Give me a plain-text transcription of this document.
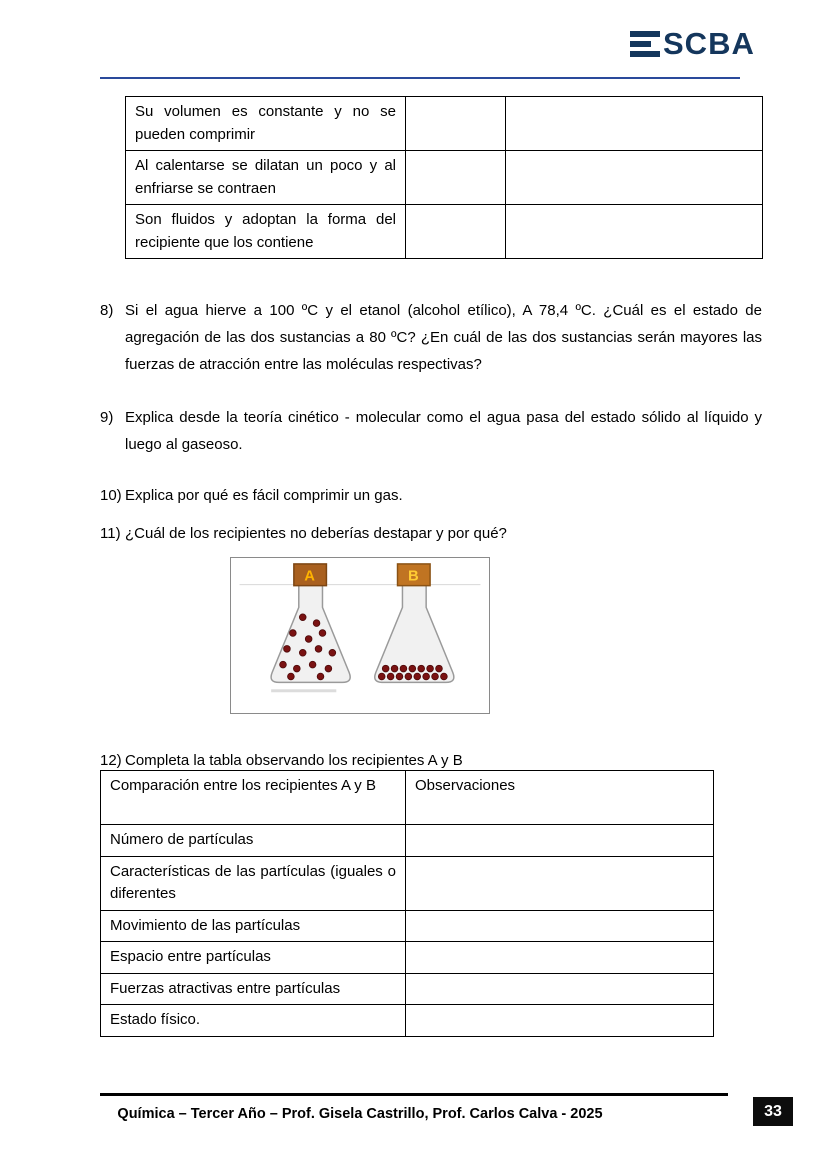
SCBA
Su volumen es constante y no se pueden comprimir		
Al calentarse se dilatan un poco y al enfriarse se contraen		
Son fluidos y adoptan la forma del recipiente que los contiene		
8) Si el agua hierve a 100 ºC y el etanol (alcohol etílico), A 78,4 ºC. ¿Cuál es el estado de agregación de las dos sustancias a 80 ºC? ¿En cuál de las dos sustancias serán mayores las fuerzas de atracción entre las moléculas respectivas?
9) Explica desde la teoría cinético - molecular como el agua pasa del estado sólido al líquido y luego al gaseoso.
10) Explica por qué es fácil comprimir un gas.
11) ¿Cuál de los recipientes no deberías destapar y por qué?
A	B
12) Completa la tabla observando los recipientes A y B
Comparación entre los recipientes A y B	Observaciones
Número de partículas	
Características de las partículas (iguales o diferentes	
Movimiento de las partículas	
Espacio entre partículas	
Fuerzas atractivas entre partículas	
Estado físico.	
Química – Tercer Año – Prof. Gisela Castrillo, Prof. Carlos Calva - 2025	33
